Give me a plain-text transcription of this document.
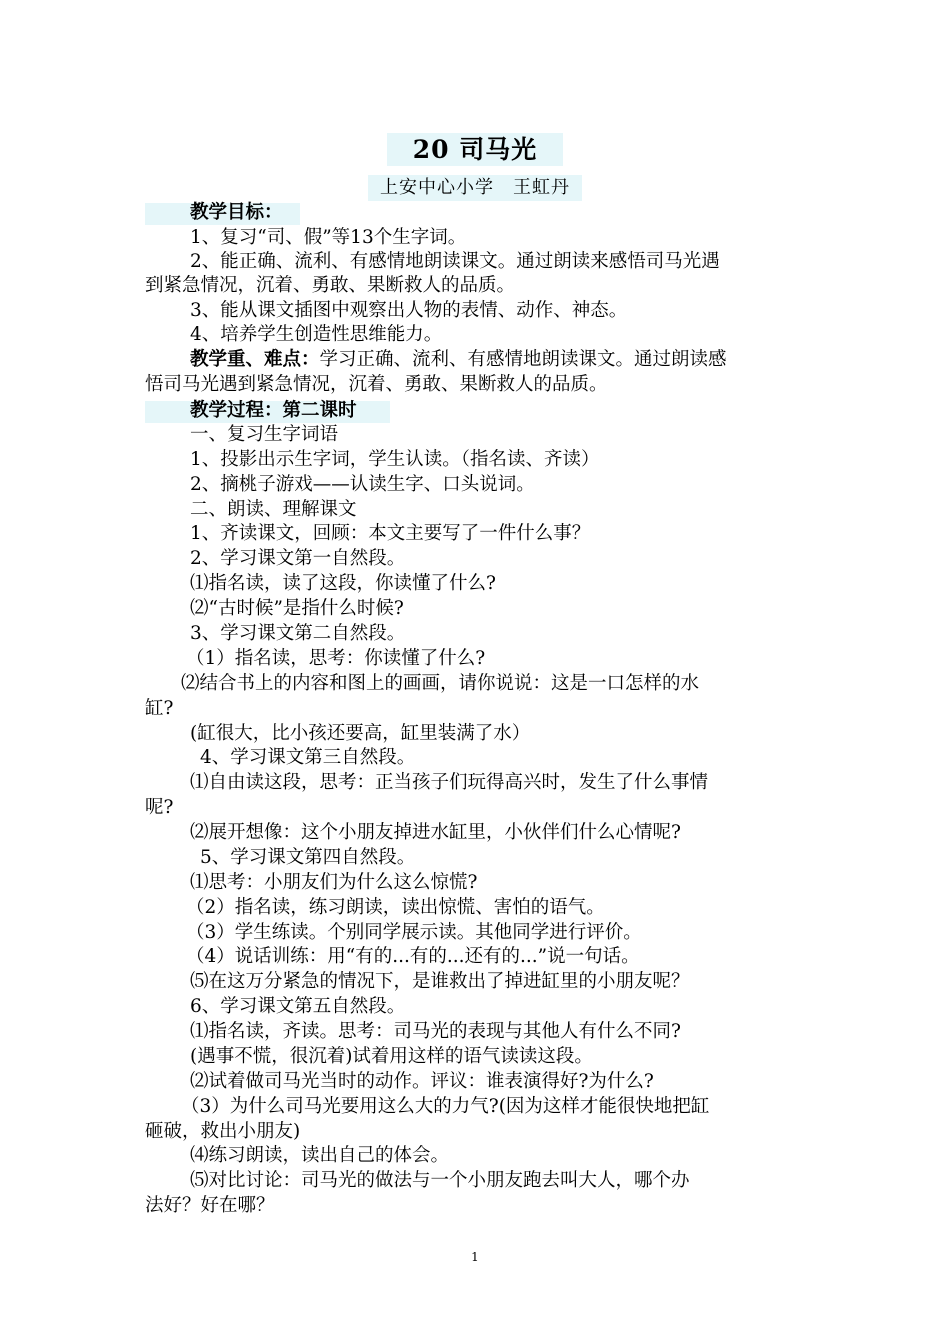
20 司马光
上安中心小学　王虹丹
教学目标：
1、复习“司、假”等13个生字词。
2、能正确、流利、有感情地朗读课文。通过朗读来感悟司马光遇
到紧急情况，沉着、勇敢、果断救人的品质。
3、能从课文插图中观察出人物的表情、动作、神态。
4、培养学生创造性思维能力。
教学重、难点：学习正确、流利、有感情地朗读课文。通过朗读感
悟司马光遇到紧急情况，沉着、勇敢、果断救人的品质。
教学过程：第二课时
一、复习生字词语
1、投影出示生字词，学生认读。（指名读、齐读）
2、摘桃子游戏——认读生字、口头说词。
二、朗读、理解课文
1、齐读课文，回顾：本文主要写了一件什么事？
2、学习课文第一自然段。
⑴指名读，读了这段，你读懂了什么?
⑵“古时候”是指什么时候?
3、学习课文第二自然段。
（1）指名读，思考：你读懂了什么?
⑵结合书上的内容和图上的画画，请你说说：这是一口怎样的水
缸?
(缸很大，比小孩还要高，缸里装满了水）
4、学习课文第三自然段。
⑴自由读这段，思考：正当孩子们玩得高兴时，发生了什么事情
呢?
⑵展开想像：这个小朋友掉进水缸里，小伙伴们什么心情呢?
5、学习课文第四自然段。
⑴思考：小朋友们为什么这么惊慌?
（2）指名读，练习朗读，读出惊慌、害怕的语气。
（3）学生练读。个别同学展示读。其他同学进行评价。
（4）说话训练：用“有的...有的...还有的...”说一句话。
⑸在这万分紧急的情况下，是谁救出了掉进缸里的小朋友呢？
6、学习课文第五自然段。
⑴指名读，齐读。思考：司马光的表现与其他人有什么不同?
(遇事不慌，很沉着)试着用这样的语气读读这段。
⑵试着做司马光当时的动作。评议：谁表演得好?为什么?
（3）为什么司马光要用这么大的力气?(因为这样才能很快地把缸
砸破，救出小朋友)
⑷练习朗读，读出自己的体会。
⑸对比讨论：司马光的做法与一个小朋友跑去叫大人，哪个办
法好？好在哪？
1
